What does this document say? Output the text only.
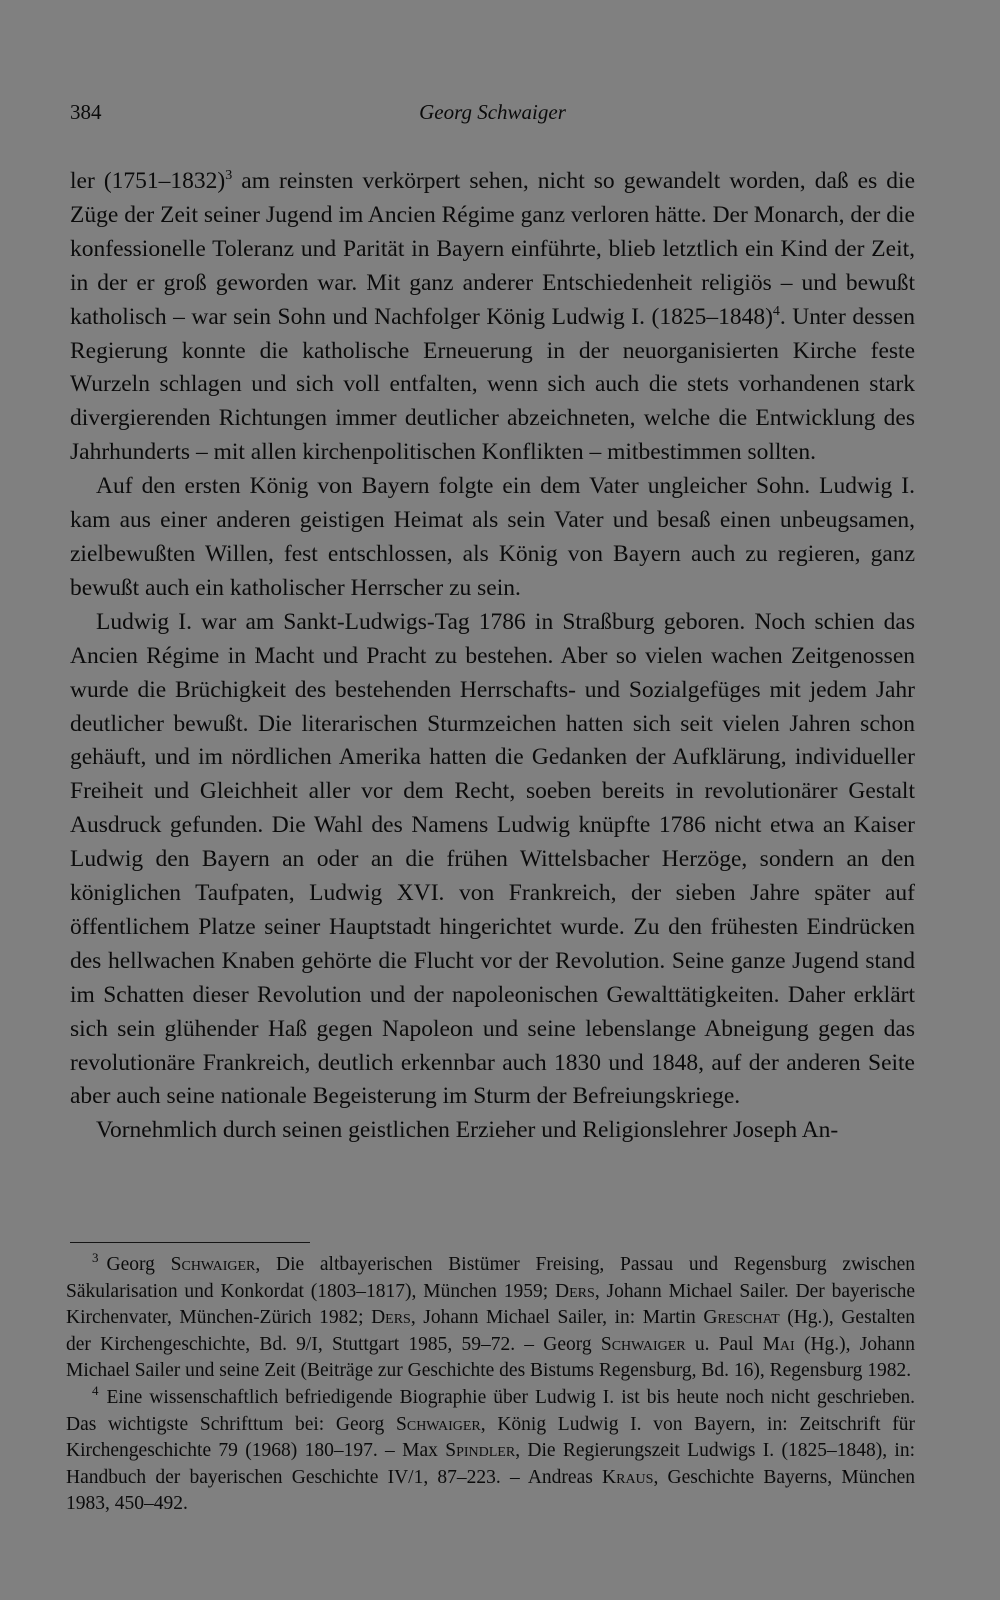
384	Georg Schwaiger

ler (1751–1832)$^3$ am reinsten verkörpert sehen, nicht so gewandelt worden, daß es die Züge der Zeit seiner Jugend im Ancien Régime ganz verloren hätte. Der Monarch, der die konfessionelle Toleranz und Parität in Bayern einführte, blieb letztlich ein Kind der Zeit, in der er groß geworden war. Mit ganz anderer Entschiedenheit religiös – und bewußt katholisch – war sein Sohn und Nachfolger König Ludwig I. (1825–1848)$^4$. Unter dessen Regierung konnte die katholische Erneuerung in der neuorganisierten Kirche feste Wurzeln schlagen und sich voll entfalten, wenn sich auch die stets vorhandenen stark divergierenden Richtungen immer deutlicher abzeichneten, welche die Entwicklung des Jahrhunderts – mit allen kirchenpolitischen Konflikten – mitbestimmen sollten.

Auf den ersten König von Bayern folgte ein dem Vater ungleicher Sohn. Ludwig I. kam aus einer anderen geistigen Heimat als sein Vater und besaß einen unbeugsamen, zielbewußten Willen, fest entschlossen, als König von Bayern auch zu regieren, ganz bewußt auch ein katholischer Herrscher zu sein.

Ludwig I. war am Sankt-Ludwigs-Tag 1786 in Straßburg geboren. Noch schien das Ancien Régime in Macht und Pracht zu bestehen. Aber so vielen wachen Zeitgenossen wurde die Brüchigkeit des bestehenden Herrschafts- und Sozialgefüges mit jedem Jahr deutlicher bewußt. Die literarischen Sturmzeichen hatten sich seit vielen Jahren schon gehäuft, und im nördlichen Amerika hatten die Gedanken der Aufklärung, individueller Freiheit und Gleichheit aller vor dem Recht, soeben bereits in revolutionärer Gestalt Ausdruck gefunden. Die Wahl des Namens Ludwig knüpfte 1786 nicht etwa an Kaiser Ludwig den Bayern an oder an die frühen Wittelsbacher Herzöge, sondern an den königlichen Taufpaten, Ludwig XVI. von Frankreich, der sieben Jahre später auf öffentlichem Platze seiner Hauptstadt hingerichtet wurde. Zu den frühesten Eindrücken des hellwachen Knaben gehörte die Flucht vor der Revolution. Seine ganze Jugend stand im Schatten dieser Revolution und der napoleonischen Gewalttätigkeiten. Daher erklärt sich sein glühender Haß gegen Napoleon und seine lebenslange Abneigung gegen das revolutionäre Frankreich, deutlich erkennbar auch 1830 und 1848, auf der anderen Seite aber auch seine nationale Begeisterung im Sturm der Befreiungskriege.

Vornehmlich durch seinen geistlichen Erzieher und Religionslehrer Joseph An-

$^3$ Georg Schwaiger, Die altbayerischen Bistümer Freising, Passau und Regensburg zwischen Säkularisation und Konkordat (1803–1817), München 1959; Ders, Johann Michael Sailer. Der bayerische Kirchenvater, München-Zürich 1982; Ders, Johann Michael Sailer, in: Martin Greschat (Hg.), Gestalten der Kirchengeschichte, Bd. 9/I, Stuttgart 1985, 59–72. – Georg Schwaiger u. Paul Mai (Hg.), Johann Michael Sailer und seine Zeit (Beiträge zur Geschichte des Bistums Regensburg, Bd. 16), Regensburg 1982.

$^4$ Eine wissenschaftlich befriedigende Biographie über Ludwig I. ist bis heute noch nicht geschrieben. Das wichtigste Schrifttum bei: Georg Schwaiger, König Ludwig I. von Bayern, in: Zeitschrift für Kirchengeschichte 79 (1968) 180–197. – Max Spindler, Die Regierungszeit Ludwigs I. (1825–1848), in: Handbuch der bayerischen Geschichte IV/1, 87–223. – Andreas Kraus, Geschichte Bayerns, München 1983, 450–492.
